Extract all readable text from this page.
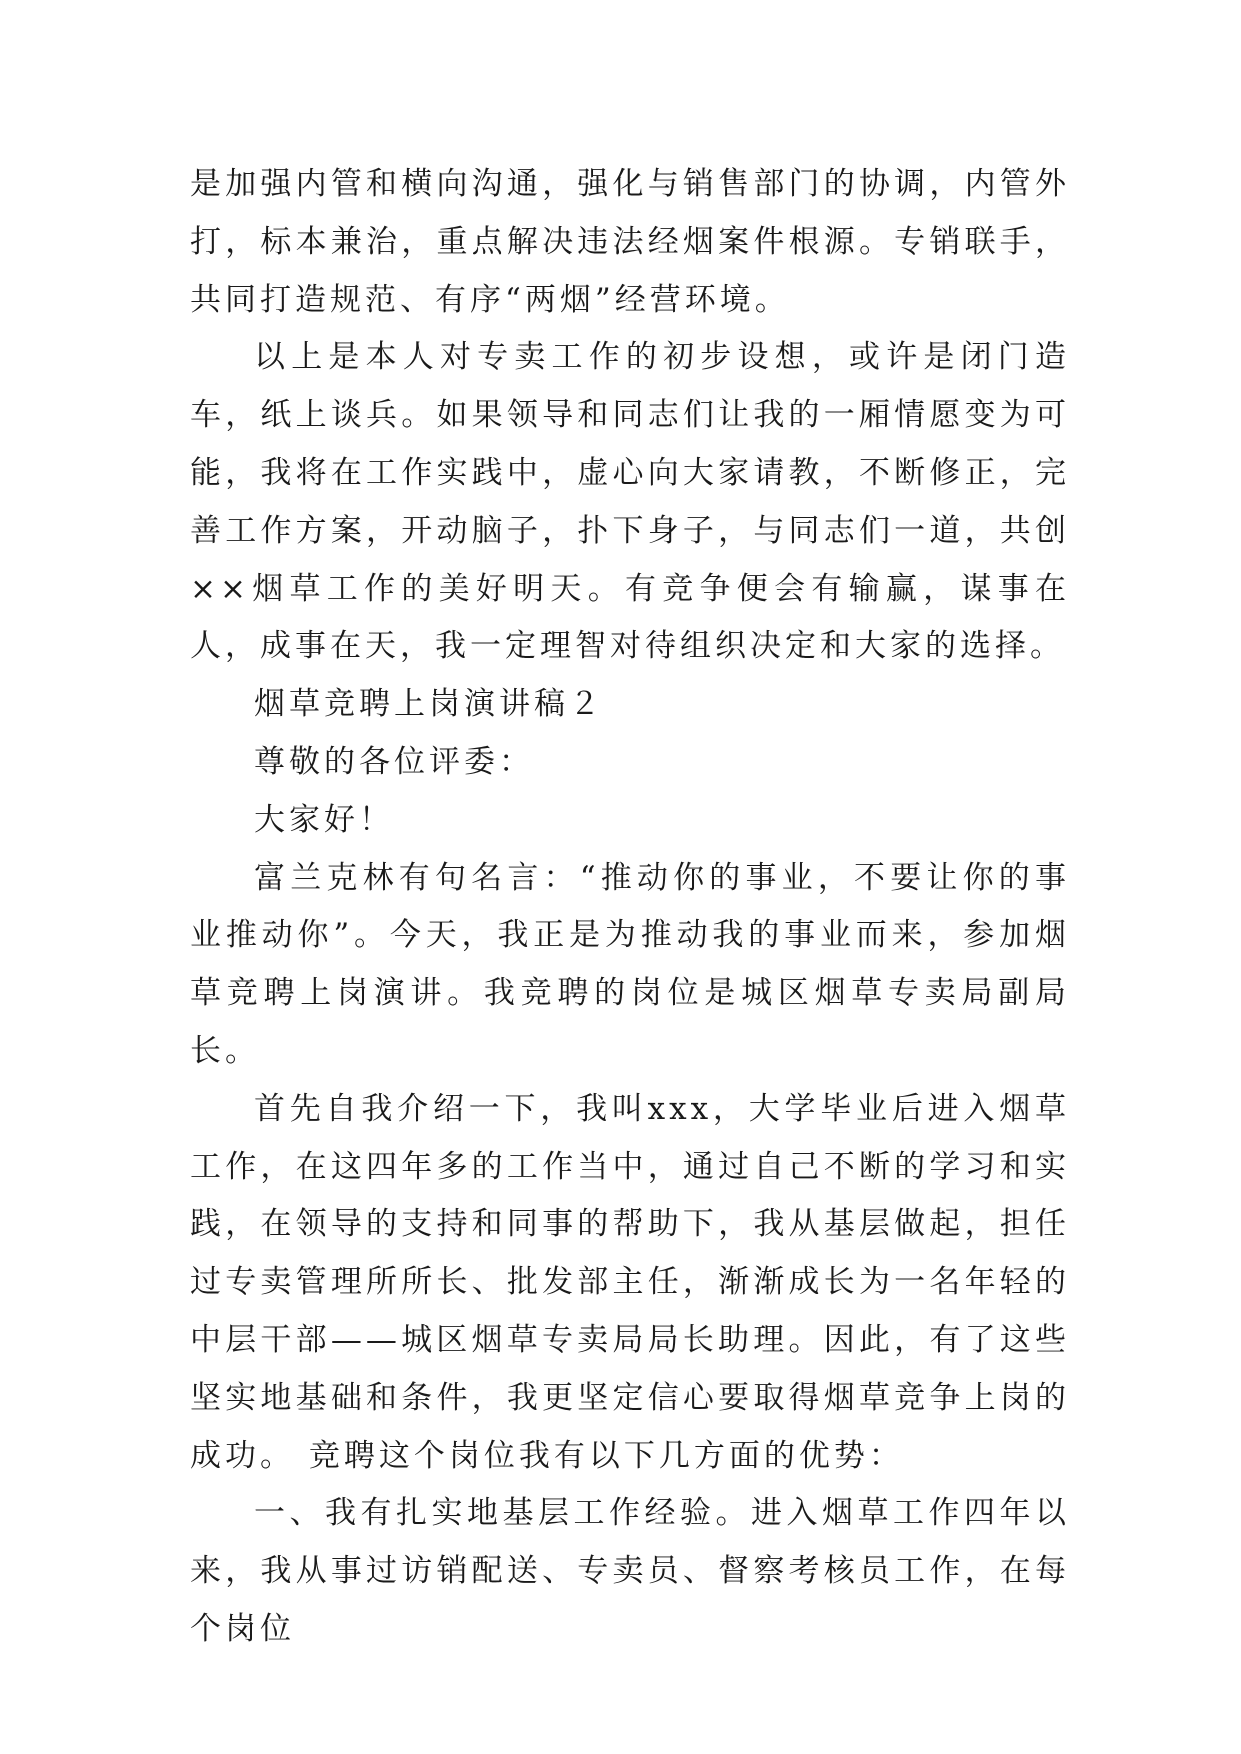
是加强内管和横向沟通，强化与销售部门的协调，内管外打，标本兼治，重点解决违法经烟案件根源。专销联手，共同打造规范、有序“两烟”经营环境。

以上是本人对专卖工作的初步设想，或许是闭门造车，纸上谈兵。如果领导和同志们让我的一厢情愿变为可能，我将在工作实践中，虚心向大家请教，不断修正，完善工作方案，开动脑子，扑下身子，与同志们一道，共创××烟草工作的美好明天。有竞争便会有输赢，谋事在人，成事在天，我一定理智对待组织决定和大家的选择。

烟草竞聘上岗演讲稿２

尊敬的各位评委：

大家好！

富兰克林有句名言：“推动你的事业，不要让你的事业推动你”。今天，我正是为推动我的事业而来，参加烟草竞聘上岗演讲。我竞聘的岗位是城区烟草专卖局副局长。

首先自我介绍一下，我叫xxx，大学毕业后进入烟草工作，在这四年多的工作当中，通过自己不断的学习和实践，在领导的支持和同事的帮助下，我从基层做起，担任过专卖管理所所长、批发部主任，渐渐成长为一名年轻的中层干部——城区烟草专卖局局长助理。因此，有了这些坚实地基础和条件，我更坚定信心要取得烟草竞争上岗的成功。 竞聘这个岗位我有以下几方面的优势：

一、我有扎实地基层工作经验。进入烟草工作四年以来，我从事过访销配送、专卖员、督察考核员工作，在每个岗位
